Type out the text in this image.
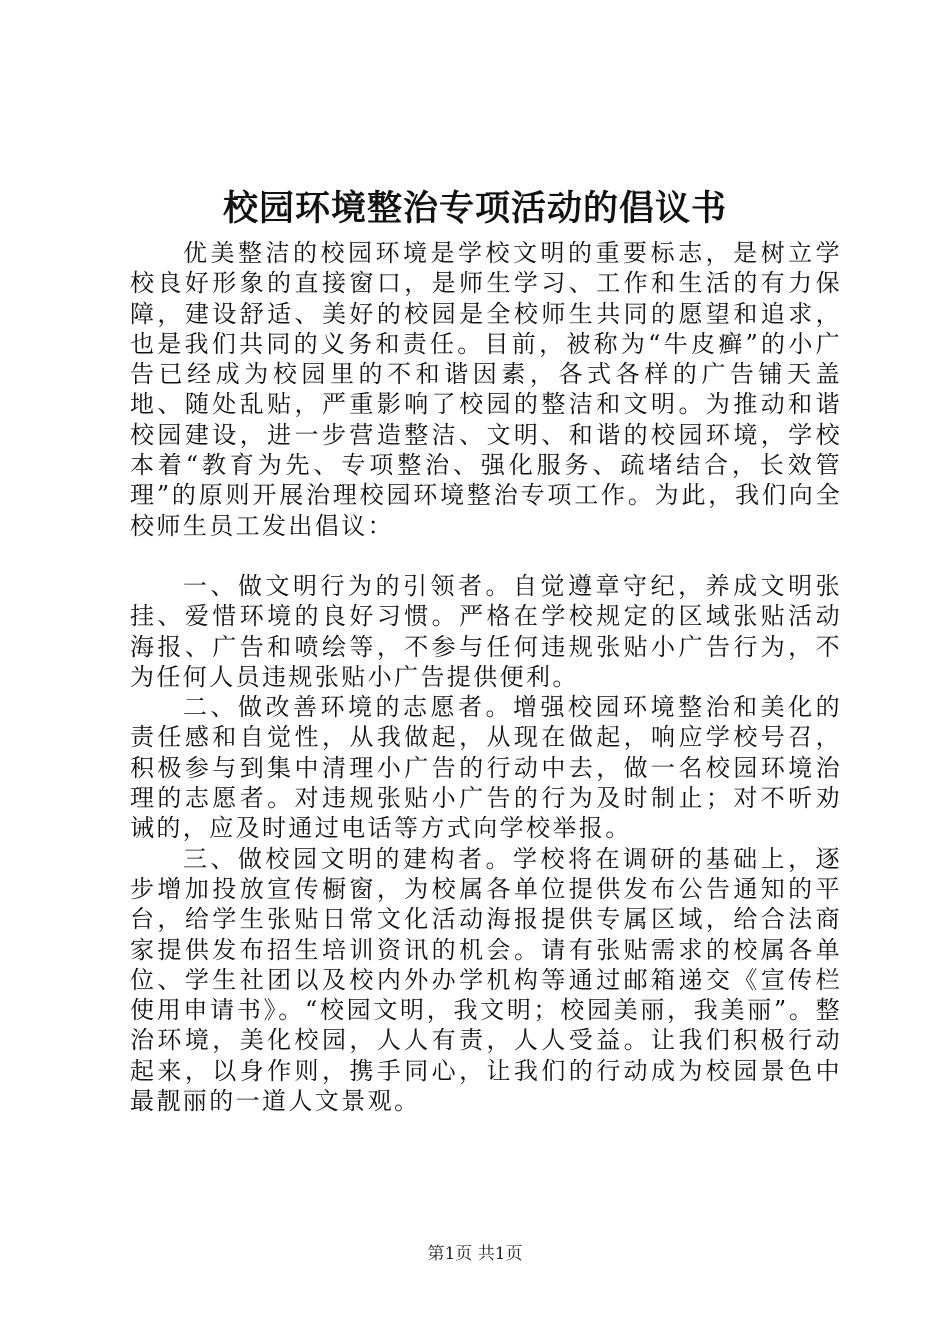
校园环境整治专项活动的倡议书

优美整洁的校园环境是学校文明的重要标志，是树立学校良好形象的直接窗口，是师生学习、工作和生活的有力保障，建设舒适、美好的校园是全校师生共同的愿望和追求，也是我们共同的义务和责任。目前，被称为“牛皮癣”的小广告已经成为校园里的不和谐因素，各式各样的广告铺天盖地、随处乱贴，严重影响了校园的整洁和文明。为推动和谐校园建设，进一步营造整洁、文明、和谐的校园环境，学校本着“教育为先、专项整治、强化服务、疏堵结合，长效管理”的原则开展治理校园环境整治专项工作。为此，我们向全校师生员工发出倡议：

一、做文明行为的引领者。自觉遵章守纪，养成文明张挂、爱惜环境的良好习惯。严格在学校规定的区域张贴活动海报、广告和喷绘等，不参与任何违规张贴小广告行为，不为任何人员违规张贴小广告提供便利。

二、做改善环境的志愿者。增强校园环境整治和美化的责任感和自觉性，从我做起，从现在做起，响应学校号召，积极参与到集中清理小广告的行动中去，做一名校园环境治理的志愿者。对违规张贴小广告的行为及时制止；对不听劝诫的，应及时通过电话等方式向学校举报。

三、做校园文明的建构者。学校将在调研的基础上，逐步增加投放宣传橱窗，为校属各单位提供发布公告通知的平台，给学生张贴日常文化活动海报提供专属区域，给合法商家提供发布招生培训资讯的机会。请有张贴需求的校属各单位、学生社团以及校内外办学机构等通过邮箱递交《宣传栏使用申请书》。“校园文明，我文明；校园美丽，我美丽”。整治环境，美化校园，人人有责，人人受益。让我们积极行动起来，以身作则，携手同心，让我们的行动成为校园景色中最靓丽的一道人文景观。

第1页 共1页
